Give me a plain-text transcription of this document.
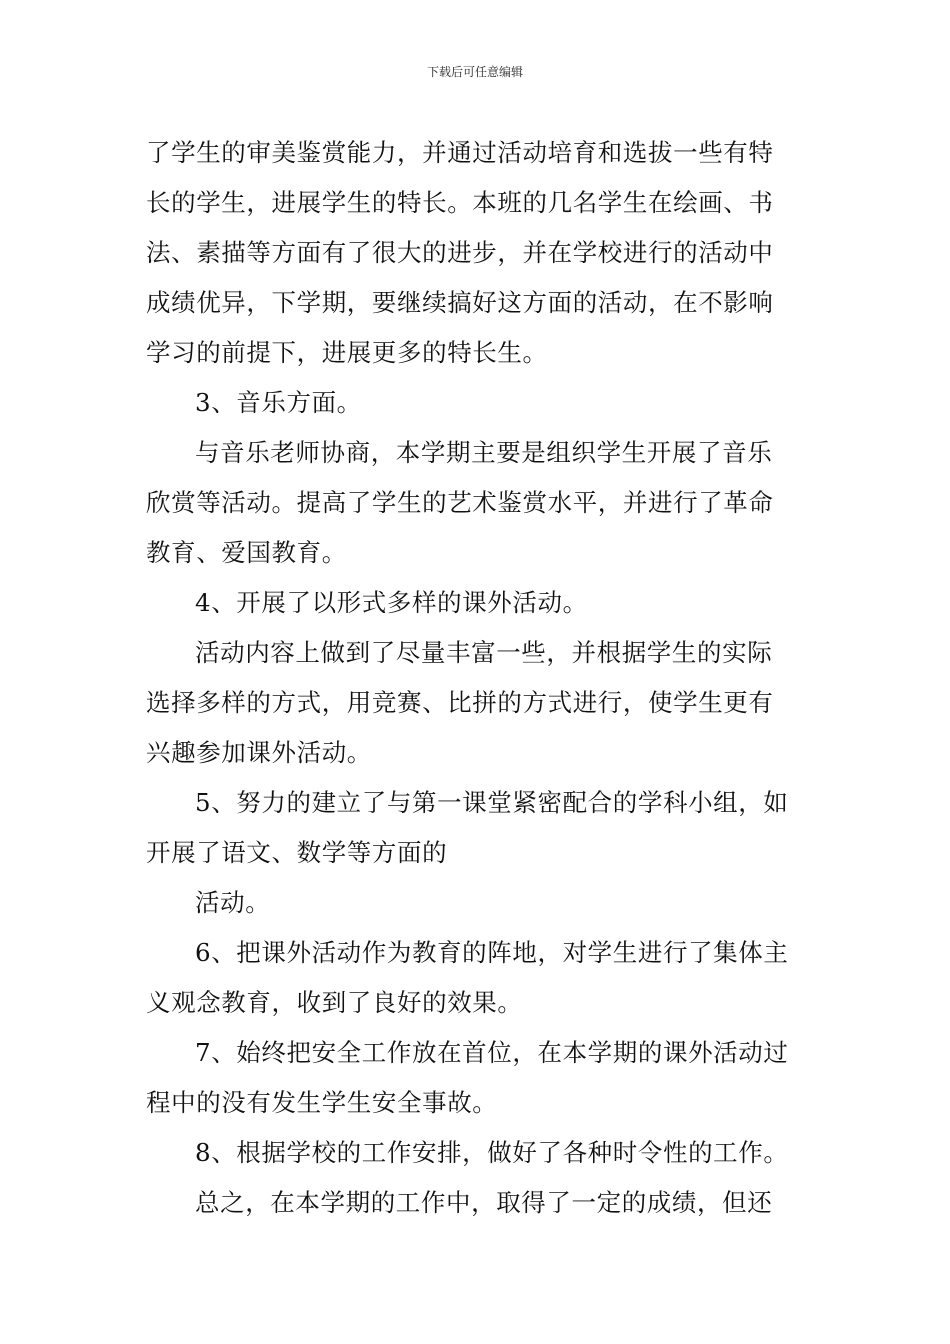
下载后可任意编辑
了学生的审美鉴赏能力，并通过活动培育和选拔一些有特
长的学生，进展学生的特长。本班的几名学生在绘画、书
法、素描等方面有了很大的进步，并在学校进行的活动中
成绩优异，下学期，要继续搞好这方面的活动，在不影响
学习的前提下，进展更多的特长生。
3、音乐方面。
与音乐老师协商，本学期主要是组织学生开展了音乐
欣赏等活动。提高了学生的艺术鉴赏水平，并进行了革命
教育、爱国教育。
4、开展了以形式多样的课外活动。
活动内容上做到了尽量丰富一些，并根据学生的实际
选择多样的方式，用竞赛、比拼的方式进行，使学生更有
兴趣参加课外活动。
5、努力的建立了与第一课堂紧密配合的学科小组，如
开展了语文、数学等方面的
活动。
6、把课外活动作为教育的阵地，对学生进行了集体主
义观念教育，收到了良好的效果。
7、始终把安全工作放在首位，在本学期的课外活动过
程中的没有发生学生安全事故。
8、根据学校的工作安排，做好了各种时令性的工作。
总之，在本学期的工作中，取得了一定的成绩，但还
